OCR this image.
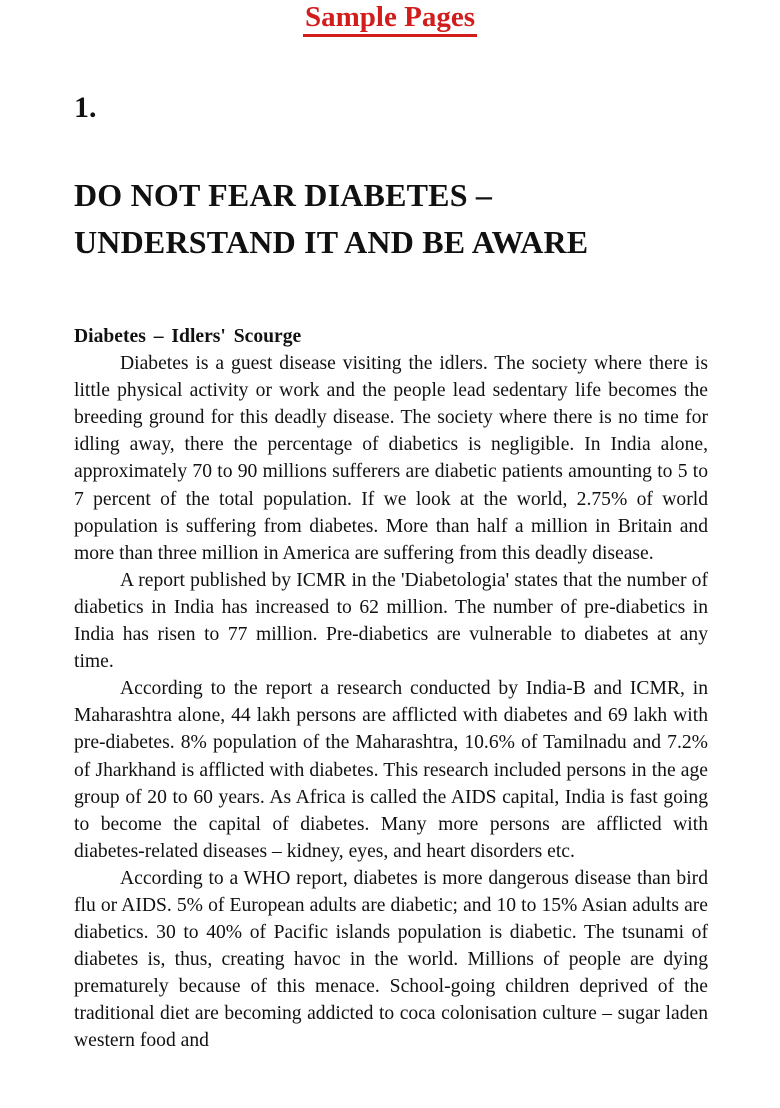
Sample Pages
1.
DO NOT FEAR DIABETES –
UNDERSTAND IT AND BE AWARE
Diabetes – Idlers' Scourge

Diabetes is a guest disease visiting the idlers. The society where there is little physical activity or work and the people lead sedentary life becomes the breeding ground for this deadly disease. The society where there is no time for idling away, there the percentage of diabetics is negligible. In India alone, approximately 70 to 90 millions sufferers are diabetic patients amounting to 5 to 7 percent of the total population. If we look at the world, 2.75% of world population is suffering from diabetes. More than half a million in Britain and more than three million in America are suffering from this deadly disease.

A report published by ICMR in the 'Diabetologia' states that the number of diabetics in India has increased to 62 million. The number of pre-diabetics in India has risen to 77 million. Pre-diabetics are vulnerable to diabetes at any time.

According to the report a research conducted by India-B and ICMR, in Maharashtra alone, 44 lakh persons are afflicted with diabetes and 69 lakh with pre-diabetes. 8% population of the Maharashtra, 10.6% of Tamilnadu and 7.2% of Jharkhand is afflicted with diabetes. This research included persons in the age group of 20 to 60 years. As Africa is called the AIDS capital, India is fast going to become the capital of diabetes. Many more persons are afflicted with diabetes-related diseases – kidney, eyes, and heart disorders etc.

According to a WHO report, diabetes is more dangerous disease than bird flu or AIDS. 5% of European adults are diabetic; and 10 to 15% Asian adults are diabetics. 30 to 40% of Pacific islands population is diabetic. The tsunami of diabetes is, thus, creating havoc in the world. Millions of people are dying prematurely because of this menace. School-going children deprived of the traditional diet are becoming addicted to coca colonisation culture – sugar laden western food and
